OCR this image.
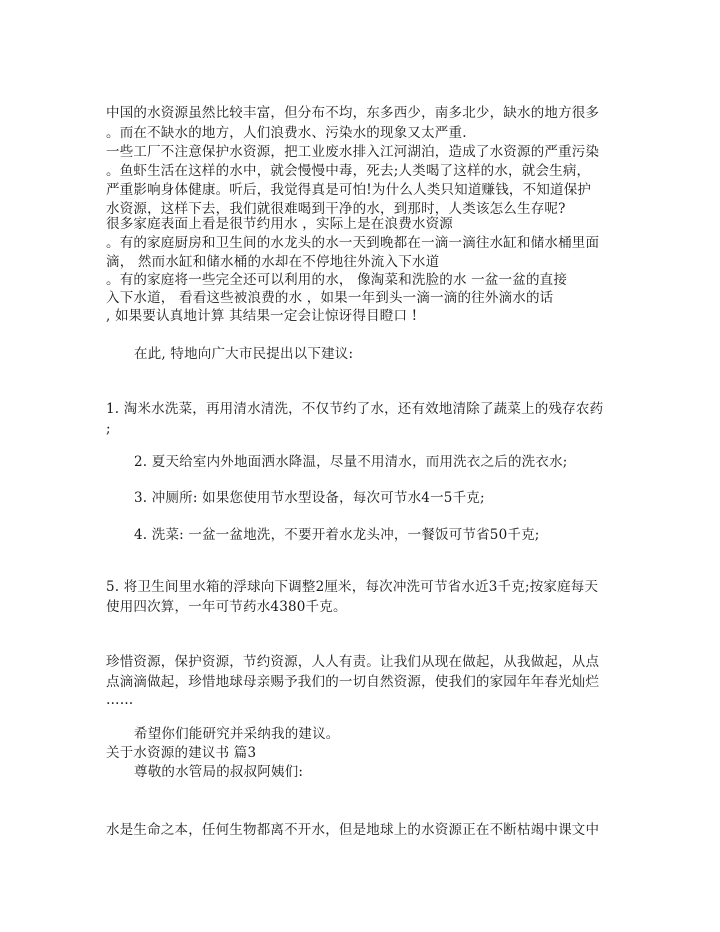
中国的水资源虽然比较丰富，但分布不均，东多西少，南多北少，缺水的地方很多
。而在不缺水的地方，人们浪费水、污染水的现象又太严重.
一些工厂不注意保护水资源，把工业废水排入江河湖泊，造成了水资源的严重污染
。鱼虾生活在这样的水中，就会慢慢中毒，死去;人类喝了这样的水，就会生病，
严重影响身体健康。听后，我觉得真是可怕!为什么人类只知道赚钱，不知道保护
水资源，这样下去，我们就很难喝到干净的水，到那时，人类该怎么生存呢?
很多家庭表面上看是很节约用水 ，实际上是在浪费水资源
。有的家庭厨房和卫生间的水龙头的水一天到晚都在一滴一滴往水缸和储水桶里面
滴， 然而水缸和储水桶的水却在不停地往外流入下水道
。有的家庭将一些完全还可以利用的水， 像淘菜和洗脸的水 一盆一盆的直接
入下水道， 看看这些被浪费的水 ，如果一年到头一滴一滴的往外滴水的话
, 如果要认真地计算 其结果一定会让惊讶得目瞪口 !
在此, 特地向广大市民提出以下建议:
1. 淘米水洗菜，再用清水清洗，不仅节约了水，还有效地清除了蔬菜上的残存农药
;
2. 夏天给室内外地面洒水降温，尽量不用清水，而用洗衣之后的洗衣水;
3. 冲厕所: 如果您使用节水型设备，每次可节水4一5千克;
4. 洗菜: 一盆一盆地洗，不要开着水龙头冲，一餐饭可节省50千克;
5. 将卫生间里水箱的浮球向下调整2厘米，每次冲洗可节省水近3千克;按家庭每天
使用四次算，一年可节药水4380千克。
珍惜资源，保护资源，节约资源，人人有责。让我们从现在做起，从我做起，从点
点滴滴做起，珍惜地球母亲赐予我们的一切自然资源，使我们的家园年年春光灿烂
……
希望你们能研究并采纳我的建议。
关于水资源的建议书 篇3
尊敬的水管局的叔叔阿姨们:
水是生命之本，任何生物都离不开水，但是地球上的水资源正在不断枯竭中课文中
